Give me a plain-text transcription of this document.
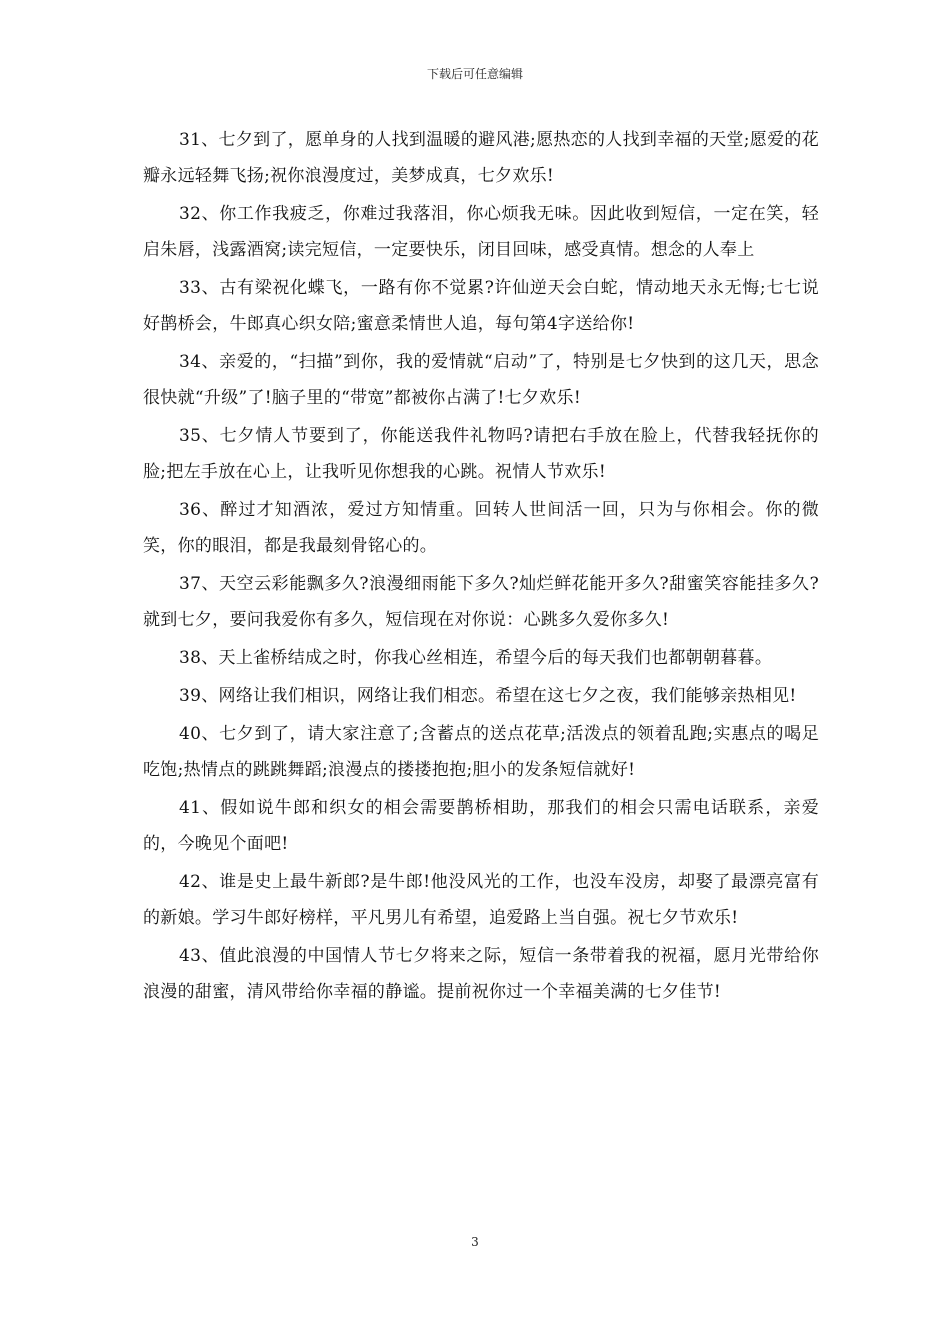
下载后可任意编辑

31、七夕到了，愿单身的人找到温暖的避风港;愿热恋的人找到幸福的天堂;愿爱的花瓣永远轻舞飞扬;祝你浪漫度过，美梦成真，七夕欢乐!

32、你工作我疲乏，你难过我落泪，你心烦我无味。因此收到短信，一定在笑，轻启朱唇，浅露酒窝;读完短信，一定要快乐，闭目回味，感受真情。想念的人奉上

33、古有梁祝化蝶飞，一路有你不觉累?许仙逆天会白蛇，情动地天永无悔;七七说好鹊桥会，牛郎真心织女陪;蜜意柔情世人追，每句第4字送给你!

34、亲爱的，“扫描”到你，我的爱情就“启动”了，特别是七夕快到的这几天，思念很快就“升级”了!脑子里的“带宽”都被你占满了!七夕欢乐!

35、七夕情人节要到了，你能送我件礼物吗?请把右手放在脸上，代替我轻抚你的脸;把左手放在心上，让我听见你想我的心跳。祝情人节欢乐!

36、醉过才知酒浓，爱过方知情重。回转人世间活一回，只为与你相会。你的微笑，你的眼泪，都是我最刻骨铭心的。

37、天空云彩能飘多久?浪漫细雨能下多久?灿烂鲜花能开多久?甜蜜笑容能挂多久?就到七夕，要问我爱你有多久，短信现在对你说：心跳多久爱你多久!

38、天上雀桥结成之时，你我心丝相连，希望今后的每天我们也都朝朝暮暮。

39、网络让我们相识，网络让我们相恋。希望在这七夕之夜，我们能够亲热相见!

40、七夕到了，请大家注意了;含蓄点的送点花草;活泼点的领着乱跑;实惠点的喝足吃饱;热情点的跳跳舞蹈;浪漫点的搂搂抱抱;胆小的发条短信就好!

41、假如说牛郎和织女的相会需要鹊桥相助，那我们的相会只需电话联系，亲爱的，今晚见个面吧!

42、谁是史上最牛新郎?是牛郎!他没风光的工作，也没车没房，却娶了最漂亮富有的新娘。学习牛郎好榜样，平凡男儿有希望，追爱路上当自强。祝七夕节欢乐!

43、值此浪漫的中国情人节七夕将来之际，短信一条带着我的祝福，愿月光带给你浪漫的甜蜜，清风带给你幸福的静谧。提前祝你过一个幸福美满的七夕佳节!

3
